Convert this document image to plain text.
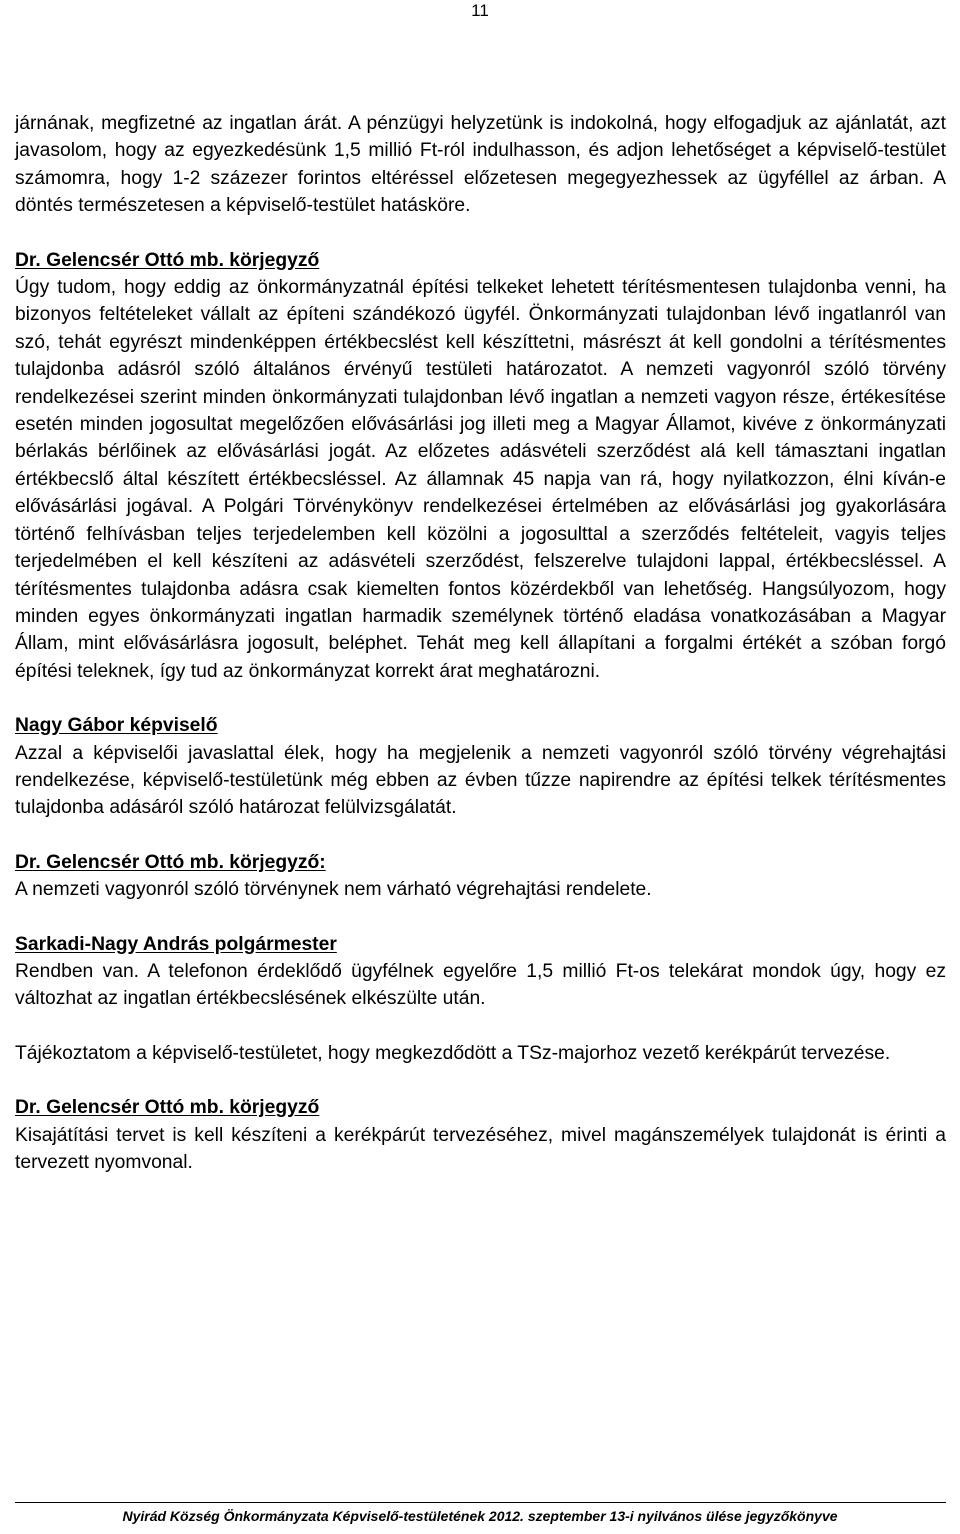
11

járnának, megfizetné az ingatlan árát. A pénzügyi helyzetünk is indokolná, hogy elfogadjuk az ajánlatát, azt javasolom, hogy az egyezkedésünk 1,5 millió Ft-ról indulhasson, és adjon lehetőséget a képviselő-testület számomra, hogy 1-2 százezer forintos eltéréssel előzetesen megegyezhessek az ügyféllel az árban. A döntés természetesen a képviselő-testület hatásköre.

Dr. Gelencsér Ottó mb. körjegyző

Úgy tudom, hogy eddig az önkormányzatnál építési telkeket lehetett térítésmentesen tulajdonba venni, ha bizonyos feltételeket vállalt az építeni szándékozó ügyfél. Önkormányzati tulajdonban lévő ingatlanról van szó, tehát egyrészt mindenképpen értékbecslést kell készíttetni, másrészt át kell gondolni a térítésmentes tulajdonba adásról szóló általános érvényű testületi határozatot. A nemzeti vagyonról szóló törvény rendelkezései szerint minden önkormányzati tulajdonban lévő ingatlan a nemzeti vagyon része, értékesítése esetén minden jogosultat megelőzően elővásárlási jog illeti meg a Magyar Államot, kivéve z önkormányzati bérlakás bérlőinek az elővásárlási jogát. Az előzetes adásvételi szerződést alá kell támasztani ingatlan értékbecslő által készített értékbecsléssel. Az államnak 45 napja van rá, hogy nyilatkozzon, élni kíván-e elővásárlási jogával. A Polgári Törvénykönyv rendelkezései értelmében az elővásárlási jog gyakorlására történő felhívásban teljes terjedelemben kell közölni a jogosulttal a szerződés feltételeit, vagyis teljes terjedelmében el kell készíteni az adásvételi szerződést, felszerelve tulajdoni lappal, értékbecsléssel. A térítésmentes tulajdonba adásra csak kiemelten fontos közérdekből van lehetőség. Hangsúlyozom, hogy minden egyes önkormányzati ingatlan harmadik személynek történő eladása vonatkozásában a Magyar Állam, mint elővásárlásra jogosult, beléphet. Tehát meg kell állapítani a forgalmi értékét a szóban forgó építési teleknek, így tud az önkormányzat korrekt árat meghatározni.

Nagy Gábor képviselő

Azzal a képviselői javaslattal élek, hogy ha megjelenik a nemzeti vagyonról szóló törvény végrehajtási rendelkezése, képviselő-testületünk még ebben az évben tűzze napirendre az építési telkek térítésmentes tulajdonba adásáról szóló határozat felülvizsgálatát.

Dr. Gelencsér Ottó mb. körjegyző:

A nemzeti vagyonról szóló törvénynek nem várható végrehajtási rendelete.

Sarkadi-Nagy András polgármester

Rendben van. A telefonon érdeklődő ügyfélnek egyelőre 1,5 millió Ft-os telekárat mondok úgy, hogy ez változhat az ingatlan értékbecslésének elkészülte után.

Tájékoztatom a képviselő-testületet, hogy megkezdődött a TSz-majorhoz vezető kerékpárút tervezése.

Dr. Gelencsér Ottó mb. körjegyző

Kisajátítási tervet is kell készíteni a kerékpárút tervezéséhez, mivel magánszemélyek tulajdonát is érinti a tervezett nyomvonal.

Nyirád Község Önkormányzata Képviselő-testületének 2012. szeptember 13-i nyilvános ülése jegyzőkönyve
